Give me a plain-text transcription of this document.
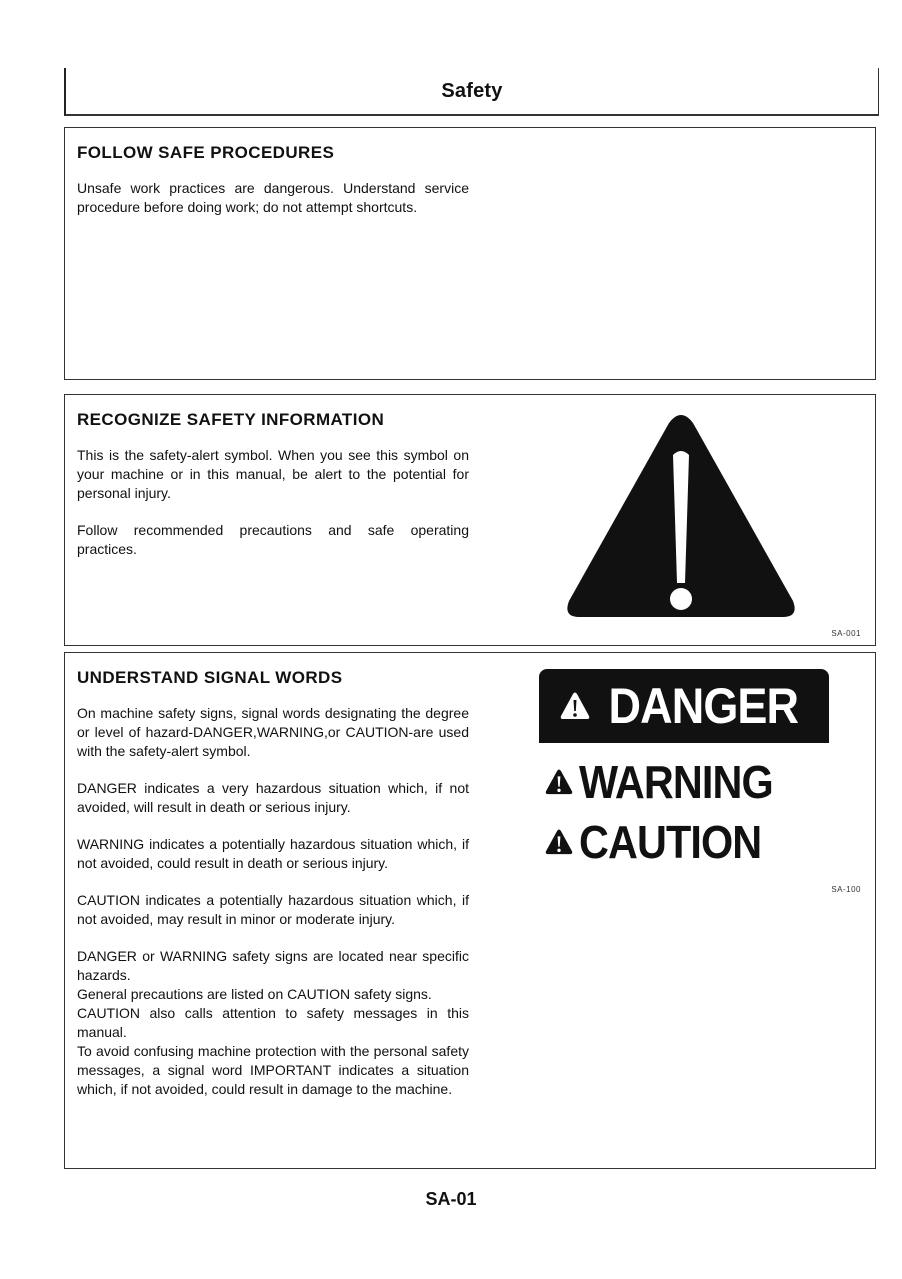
Safety
FOLLOW SAFE PROCEDURES

Unsafe work practices are dangerous. Understand service procedure before doing work; do not attempt shortcuts.

RECOGNIZE SAFETY INFORMATION

This is the safety-alert symbol. When you see this symbol on your machine or in this manual, be alert to the potential for personal injury.

Follow recommended precautions and safe operating practices.

SA-001
UNDERSTAND SIGNAL WORDS

On machine safety signs, signal words designating the degree or level of hazard-DANGER,WARNING,or CAUTION-are used with the safety-alert symbol.

DANGER indicates a very hazardous situation which, if not avoided, will result in death or serious injury.

WARNING indicates a potentially hazardous situation which, if not avoided, could result in death or serious injury.

CAUTION indicates a potentially hazardous situation which, if not avoided, may result in minor or moderate injury.

DANGER or WARNING safety signs are located near specific hazards.

General precautions are listed on CAUTION safety signs.

CAUTION also calls attention to safety messages in this manual.

To avoid confusing machine protection with the personal safety messages, a signal word IMPORTANT indicates a situation which, if not avoided, could result in damage to the machine.

DANGER
WARNING
CAUTION
SA-100
SA-01
